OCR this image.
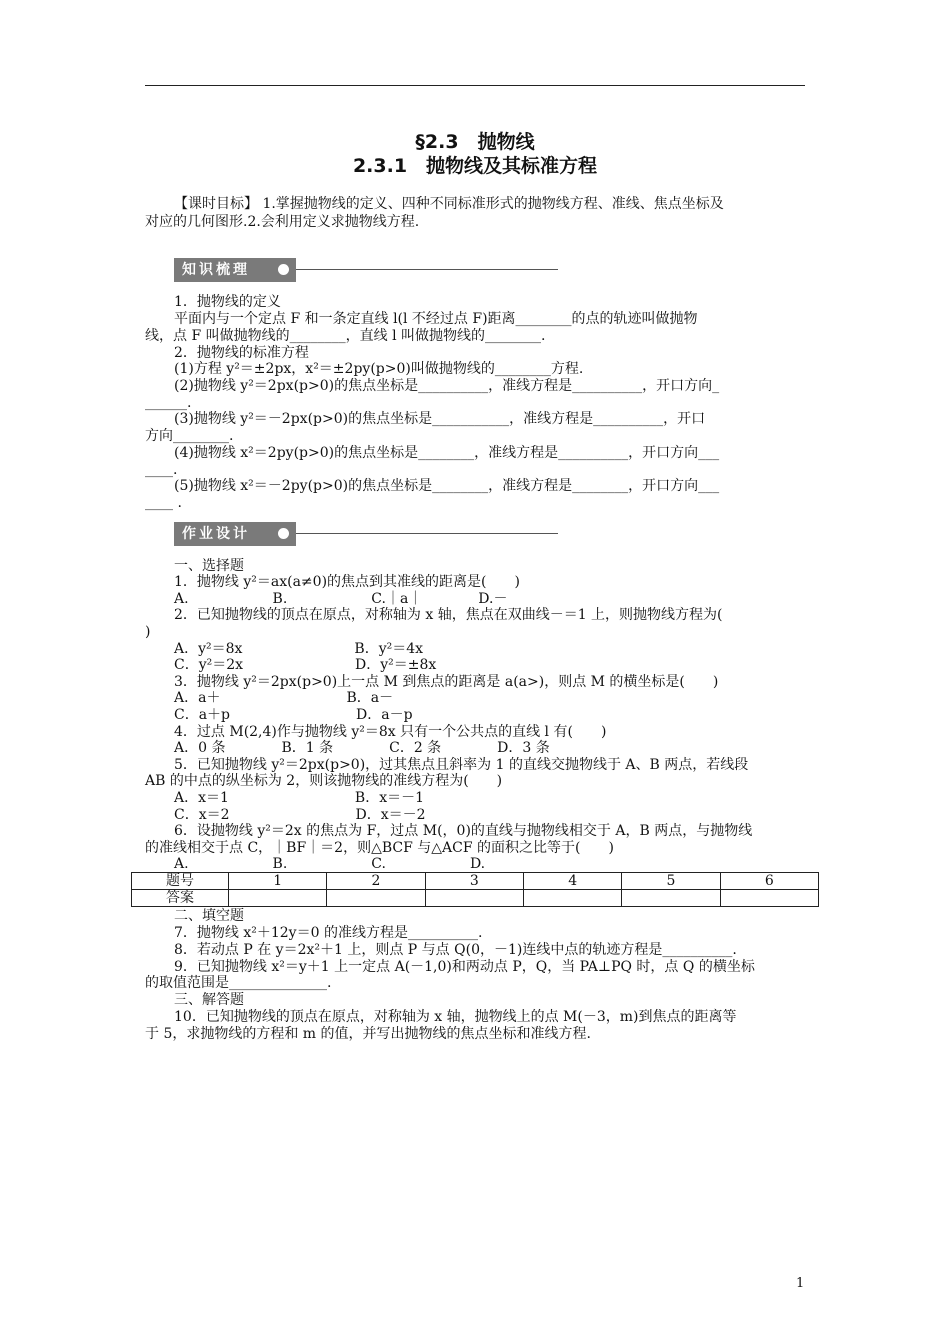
§2.3　抛物线
2.3.1　抛物线及其标准方程
【课时目标】 1.掌握抛物线的定义、四种不同标准形式的抛物线方程、准线、焦点坐标及
对应的几何图形.2.会利用定义求抛物线方程.
知识梳理
1．抛物线的定义
平面内与一个定点 F 和一条定直线 l(l 不经过点 F)距离________的点的轨迹叫做抛物
线，点 F 叫做抛物线的________，直线 l 叫做抛物线的________.
2．抛物线的标准方程
(1)方程 y²＝±2px，x²＝±2py(p>0)叫做抛物线的________方程.
(2)抛物线 y²＝2px(p>0)的焦点坐标是__________，准线方程是__________，开口方向_
______.
(3)抛物线 y²＝－2px(p>0)的焦点坐标是___________，准线方程是__________，开口
方向________.
(4)抛物线 x²＝2py(p>0)的焦点坐标是________，准线方程是__________，开口方向___
____.
(5)抛物线 x²＝－2py(p>0)的焦点坐标是________，准线方程是________，开口方向___
____ .
作业设计
一、选择题
1．抛物线 y²＝ax(a≠0)的焦点到其准线的距离是(　　)
A.　　　　　　B.　　　　　　C.｜a｜　　　　D.－
2．已知抛物线的顶点在原点，对称轴为 x 轴，焦点在双曲线－＝1 上，则抛物线方程为(
)
A．y²＝8x　　　　　　　　B．y²＝4x
C．y²＝2x　　　　　　　　D．y²＝±8x
3．抛物线 y²＝2px(p>0)上一点 M 到焦点的距离是 a(a>)，则点 M 的横坐标是(　　)
A．a＋　　　　　　　　　B．a－
C．a＋p　　　　　　　　　D．a－p
4．过点 M(2,4)作与抛物线 y²＝8x 只有一个公共点的直线 l 有(　　)
A．0 条　　　　B．1 条　　　　C．2 条　　　　D．3 条
5．已知抛物线 y²＝2px(p>0)，过其焦点且斜率为 1 的直线交抛物线于 A、B 两点，若线段
AB 的中点的纵坐标为 2，则该抛物线的准线方程为(　　)
A．x＝1　　　　　　　　　B．x＝－1
C．x＝2　　　　　　　　　D．x＝－2
6．设抛物线 y²＝2x 的焦点为 F，过点 M(，0)的直线与抛物线相交于 A，B 两点，与抛物线
的准线相交于点 C，｜BF｜＝2，则△BCF 与△ACF 的面积之比等于(　　)
A.　　　　　　B.　　　　　　C.　　　　　　D.
题号	1	2	3	4	5	6
答案						
二、填空题
7．抛物线 x²＋12y＝0 的准线方程是__________.
8．若动点 P 在 y＝2x²＋1 上，则点 P 与点 Q(0，－1)连线中点的轨迹方程是__________.
9．已知抛物线 x²＝y＋1 上一定点 A(－1,0)和两动点 P，Q，当 PA⊥PQ 时，点 Q 的横坐标
的取值范围是______________.
三、解答题
10．已知抛物线的顶点在原点，对称轴为 x 轴，抛物线上的点 M(－3，m)到焦点的距离等
于 5，求抛物线的方程和 m 的值，并写出抛物线的焦点坐标和准线方程.
1
